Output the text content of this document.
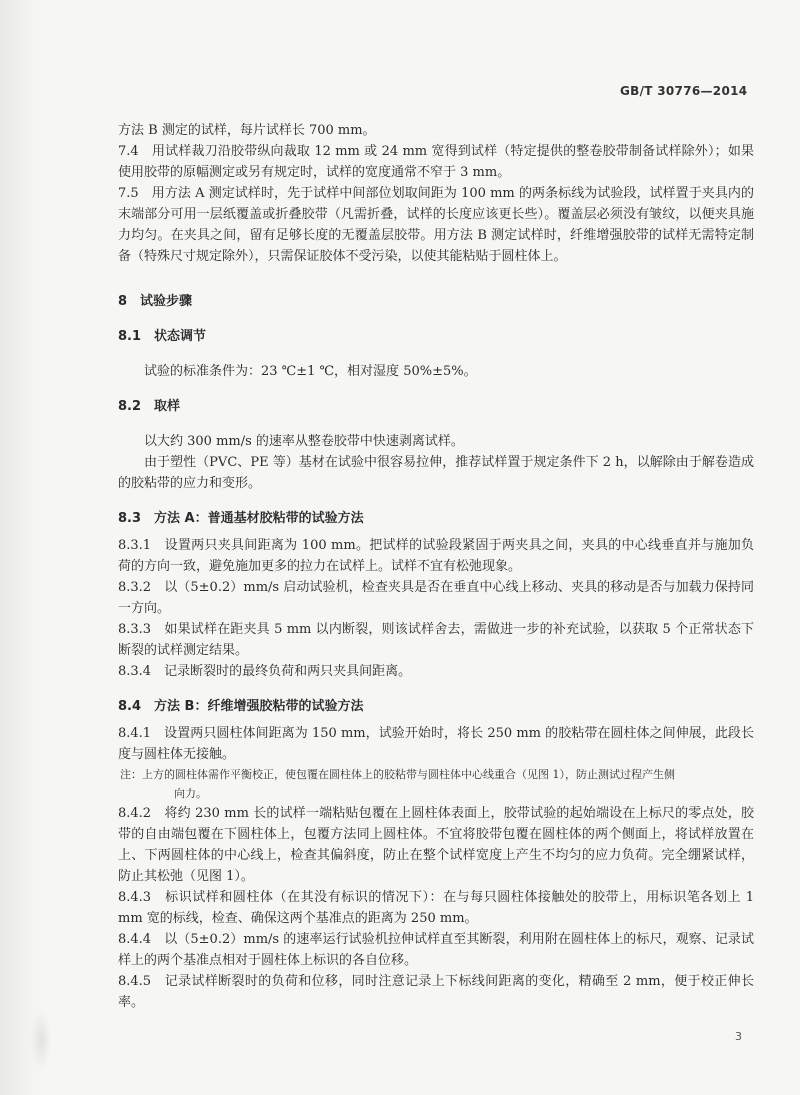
GB/T 30776—2014

方法 B 测定的试样，每片试样长 700 mm。

7.4　用试样裁刀沿胶带纵向裁取 12 mm 或 24 mm 宽得到试样（特定提供的整卷胶带制备试样除外）；如果使用胶带的原幅测定或另有规定时，试样的宽度通常不窄于 3 mm。

7.5　用方法 A 测定试样时，先于试样中间部位划取间距为 100 mm 的两条标线为试验段，试样置于夹具内的末端部分可用一层纸覆盖或折叠胶带（凡需折叠，试样的长度应该更长些）。覆盖层必须没有皱纹，以便夹具施力均匀。在夹具之间，留有足够长度的无覆盖层胶带。用方法 B 测定试样时，纤维增强胶带的试样无需特定制备（特殊尺寸规定除外），只需保证胶体不受污染，以使其能粘贴于圆柱体上。

8　试验步骤

8.1　状态调节

试验的标准条件为：23 ℃±1 ℃，相对湿度 50%±5%。

8.2　取样

以大约 300 mm/s 的速率从整卷胶带中快速剥离试样。

由于塑性（PVC、PE 等）基材在试验中很容易拉伸，推荐试样置于规定条件下 2 h，以解除由于解卷造成的胶粘带的应力和变形。

8.3　方法 A：普通基材胶粘带的试验方法

8.3.1　设置两只夹具间距离为 100 mm。把试样的试验段紧固于两夹具之间，夹具的中心线垂直并与施加负荷的方向一致，避免施加更多的拉力在试样上。试样不宜有松弛现象。

8.3.2　以（5±0.2）mm/s 启动试验机，检查夹具是否在垂直中心线上移动、夹具的移动是否与加载力保持同一方向。

8.3.3　如果试样在距夹具 5 mm 以内断裂，则该试样舍去，需做进一步的补充试验，以获取 5 个正常状态下断裂的试样测定结果。

8.3.4　记录断裂时的最终负荷和两只夹具间距离。

8.4　方法 B：纤维增强胶粘带的试验方法

8.4.1　设置两只圆柱体间距离为 150 mm，试验开始时，将长 250 mm 的胶粘带在圆柱体之间伸展，此段长度与圆柱体无接触。

注：上方的圆柱体需作平衡校正，使包覆在圆柱体上的胶粘带与圆柱体中心线重合（见图 1），防止测试过程产生侧

向力。

8.4.2　将约 230 mm 长的试样一端粘贴包覆在上圆柱体表面上，胶带试验的起始端设在上标尺的零点处，胶带的自由端包覆在下圆柱体上，包覆方法同上圆柱体。不宜将胶带包覆在圆柱体的两个侧面上，将试样放置在上、下两圆柱体的中心线上，检查其偏斜度，防止在整个试样宽度上产生不均匀的应力负荷。完全绷紧试样，防止其松弛（见图 1）。

8.4.3　标识试样和圆柱体（在其没有标识的情况下）：在与每只圆柱体接触处的胶带上，用标识笔各划上 1 mm 宽的标线，检查、确保这两个基准点的距离为 250 mm。

8.4.4　以（5±0.2）mm/s 的速率运行试验机拉伸试样直至其断裂，利用附在圆柱体上的标尺，观察、记录试样上的两个基准点相对于圆柱体上标识的各自位移。

8.4.5　记录试样断裂时的负荷和位移，同时注意记录上下标线间距离的变化，精确至 2 mm，便于校正伸长率。

3
